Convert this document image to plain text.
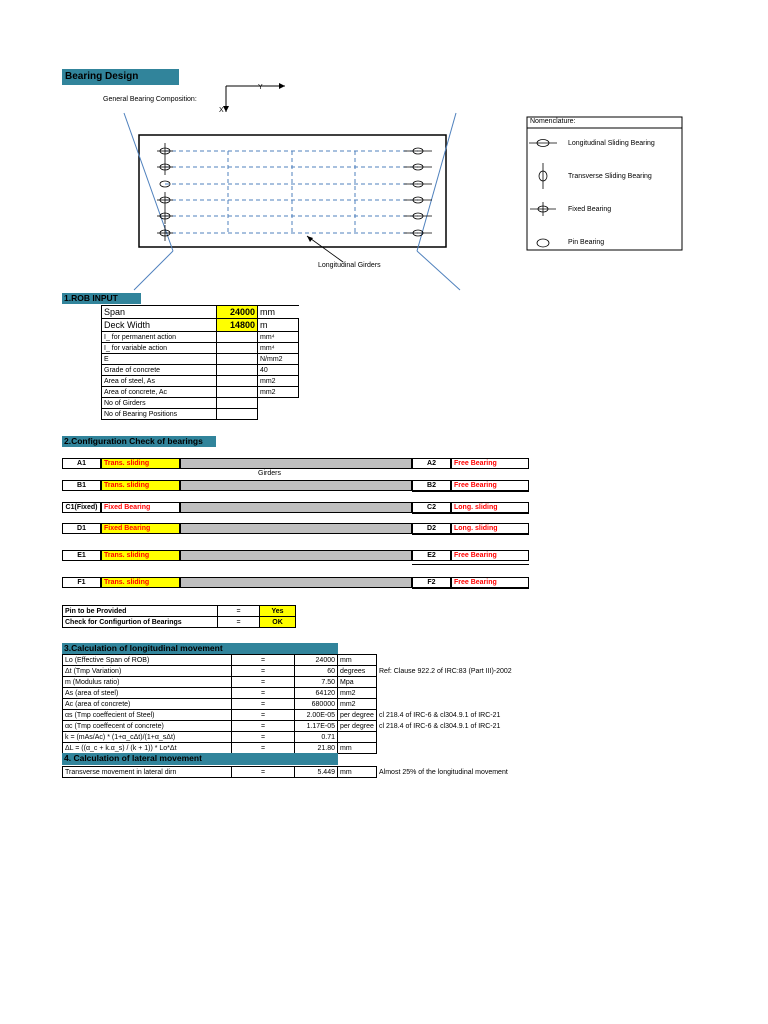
Bearing Design
General Bearing Composition:
Y
X
Longitudinal Girders
Nomenclature:
Longitudinal Sliding Bearing
Transverse Sliding Bearing
Fixed Bearing
Pin Bearing
1.ROB INPUT
Span	24000	mm
Deck Width	14800	m
I_ for permanent action		mm⁴
I_ for variable action		mm⁴
E		N/mm2
Grade of concrete		40
Area of steel, As		mm2
Area of concrete, Ac		mm2
No of Girders		
No of Bearing Positions		
2.Configuration Check of bearings
A1	Trans. sliding	A2	Free Bearing
B1	Trans. sliding	B2	Free Bearing
C1(Fixed) Fixed Bearing	C2	Long. sliding
D1	Fixed Bearing	D2	Long. sliding
E1	Trans. sliding	E2	Free Bearing
F1	Trans. sliding	F2	Free Bearing
Girders
Pin to be Provided	=	Yes
Check for Configurtion of Bearings	=	OK
3.Calculation of longitudinal movement
Lo (Effective Span of ROB)	=	24000	mm	
Δt (Tmp Variation)	=	60	degrees	Ref: Clause 922.2 of IRC:83 (Part III)-2002
m (Modulus ratio)	=	7.50	Mpa	
As (area of steel)	=	64120	mm2	
Ac (area of concrete)	=	680000	mm2	
αs (Tmp coeffecient of Steel)	=	2.00E-05	per degree	cl 218.4 of IRC-6 & cl304.9.1 of IRC-21
αc (Tmp coeffecent of concrete)	=	1.17E-05	per degree	cl 218.4 of IRC-6 & cl304.9.1 of IRC-21
k = (mAs/Ac) * (1+α_cΔt)/(1+α_sΔt)	=	0.71		
ΔL = ((α_c + k.α_s) / (k + 1)) * Lo*Δt	=	21.80	mm	
4. Calculation of lateral movement
Transverse movement in lateral dirn	=	5.449	mm	Almost 25% of the longitudinal movement
